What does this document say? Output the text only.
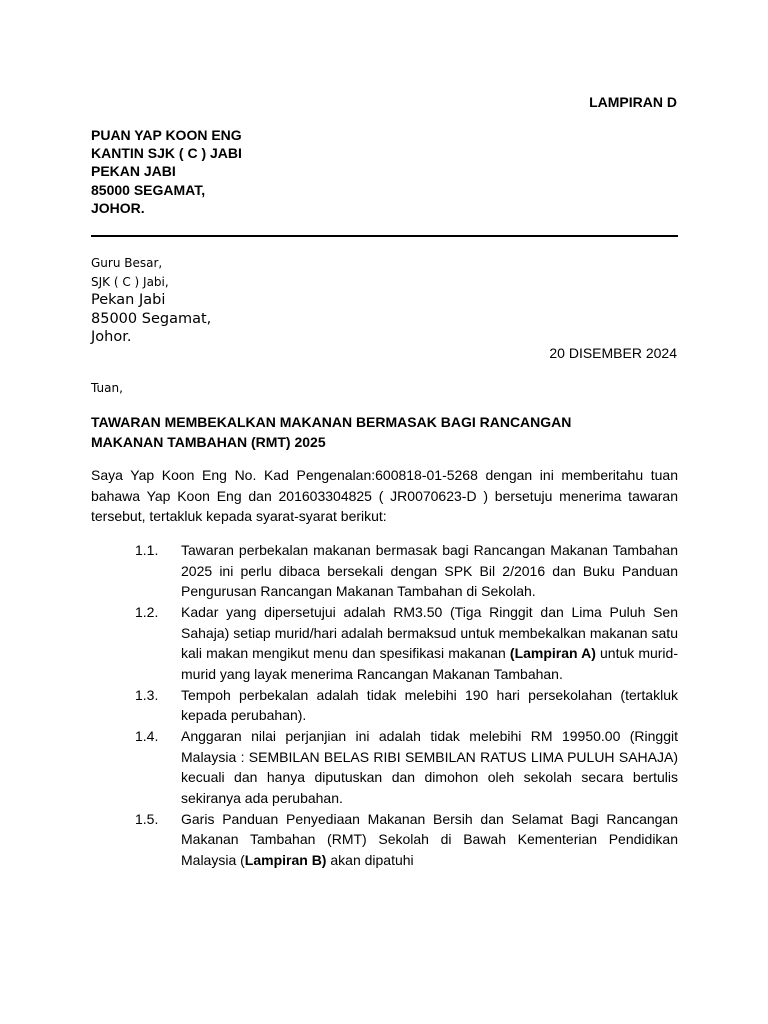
LAMPIRAN D
PUAN YAP KOON ENG
KANTIN SJK ( C ) JABI
PEKAN JABI
85000 SEGAMAT,
JOHOR.
Guru Besar,
SJK ( C ) Jabi,
Pekan Jabi
85000 Segamat,
Johor.
20 DISEMBER 2024
Tuan,
TAWARAN MEMBEKALKAN MAKANAN BERMASAK BAGI RANCANGAN
MAKANAN TAMBAHAN (RMT) 2025
Saya Yap Koon Eng No. Kad Pengenalan:600818-01-5268 dengan ini memberitahu tuan bahawa Yap Koon Eng dan 201603304825 ( JR0070623-D ) bersetuju menerima tawaran tersebut, tertakluk kepada syarat-syarat berikut:
1.1.	Tawaran perbekalan makanan bermasak bagi Rancangan Makanan Tambahan 2025 ini perlu dibaca bersekali dengan SPK Bil 2/2016 dan Buku Panduan Pengurusan Rancangan Makanan Tambahan di Sekolah.
1.2.	Kadar yang dipersetujui adalah RM3.50 (Tiga Ringgit dan Lima Puluh Sen Sahaja) setiap murid/hari adalah bermaksud untuk membekalkan makanan satu kali makan mengikut menu dan spesifikasi makanan (Lampiran A) untuk murid-murid yang layak menerima Rancangan Makanan Tambahan.
1.3.	Tempoh perbekalan adalah tidak melebihi 190 hari persekolahan (tertakluk kepada perubahan).
1.4.	Anggaran nilai perjanjian ini adalah tidak melebihi RM 19950.00 (Ringgit Malaysia : SEMBILAN BELAS RIBI SEMBILAN RATUS LIMA PULUH SAHAJA) kecuali dan hanya diputuskan dan dimohon oleh sekolah secara bertulis sekiranya ada perubahan.
1.5.	Garis Panduan Penyediaan Makanan Bersih dan Selamat Bagi Rancangan Makanan Tambahan (RMT) Sekolah di Bawah Kementerian Pendidikan Malaysia (Lampiran B) akan dipatuhi
